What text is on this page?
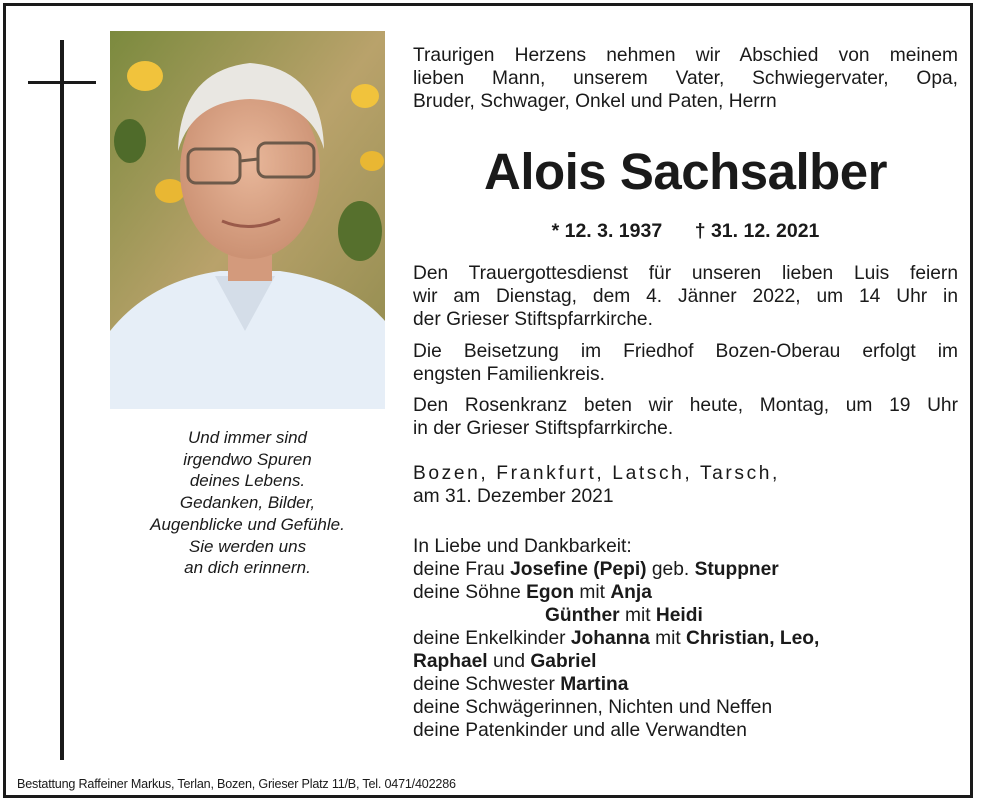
Und immer sind
irgendwo Spuren
deines Lebens.
Gedanken, Bilder,
Augenblicke und Gefühle.
Sie werden uns
an dich erinnern.
Traurigen Herzens nehmen wir Abschied von meinem
lieben Mann, unserem Vater, Schwiegervater, Opa,
Bruder, Schwager, Onkel und Paten, Herrn
Alois Sachsalber
* 12. 3. 1937 † 31. 12. 2021
Den Trauergottesdienst für unseren lieben Luis feiern
wir am Dienstag, dem 4. Jänner 2022, um 14 Uhr in
der Grieser Stiftspfarrkirche.
Die Beisetzung im Friedhof Bozen-Oberau erfolgt im
engsten Familienkreis.
Den Rosenkranz beten wir heute, Montag, um 19 Uhr
in der Grieser Stiftspfarrkirche.
Bozen, Frankfurt, Latsch, Tarsch,
am 31. Dezember 2021
In Liebe und Dankbarkeit:
deine Frau Josefine (Pepi) geb. Stuppner
deine Söhne Egon mit Anja
Günther mit Heidi
deine Enkelkinder Johanna mit Christian, Leo,
Raphael und Gabriel
deine Schwester Martina
deine Schwägerinnen, Nichten und Neffen
deine Patenkinder und alle Verwandten
Bestattung Raffeiner Markus, Terlan, Bozen, Grieser Platz 11/B, Tel. 0471/402286
